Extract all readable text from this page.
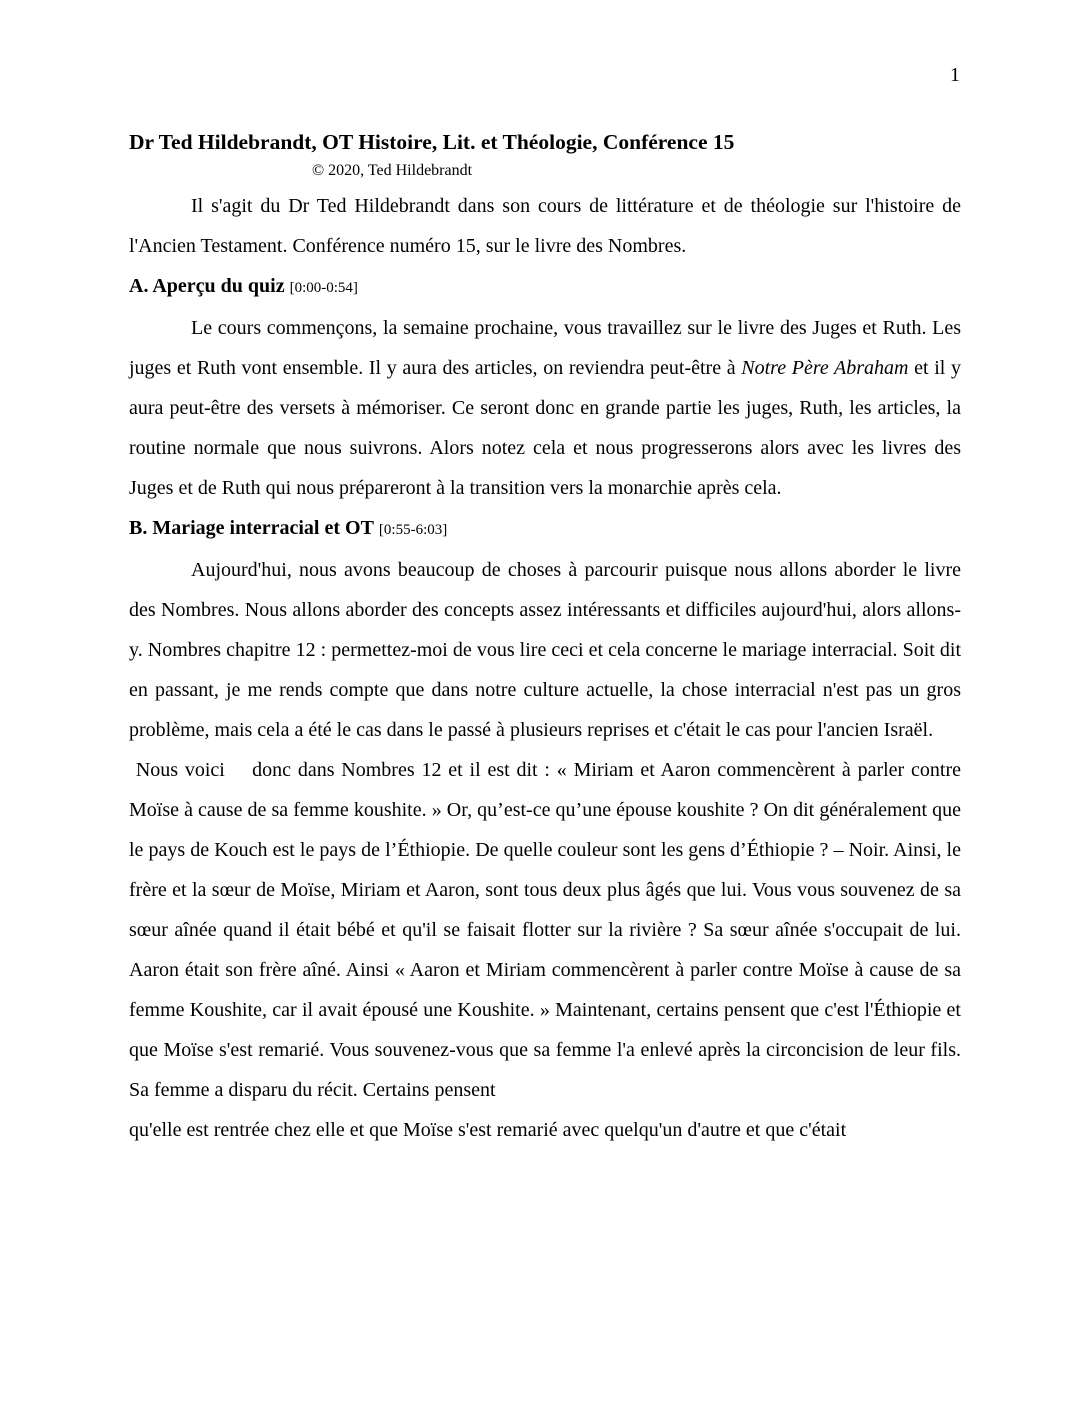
1

Dr Ted Hildebrandt, OT Histoire, Lit. et Théologie, Conférence 15

© 2020, Ted Hildebrandt

Il s'agit du Dr Ted Hildebrandt dans son cours de littérature et de théologie sur l'histoire de l'Ancien Testament. Conférence numéro 15, sur le livre des Nombres.

A. Aperçu du quiz [0:00-0:54]

Le cours commençons, la semaine prochaine, vous travaillez sur le livre des Juges et Ruth. Les juges et Ruth vont ensemble. Il y aura des articles, on reviendra peut-être à Notre Père Abraham et il y aura peut-être des versets à mémoriser. Ce seront donc en grande partie les juges, Ruth, les articles, la routine normale que nous suivrons. Alors notez cela et nous progresserons alors avec les livres des Juges et de Ruth qui nous prépareront à la transition vers la monarchie après cela.

B. Mariage interracial et OT [0:55-6:03]

Aujourd'hui, nous avons beaucoup de choses à parcourir puisque nous allons aborder le livre des Nombres. Nous allons aborder des concepts assez intéressants et difficiles aujourd'hui, alors allons-y. Nombres chapitre 12 : permettez-moi de vous lire ceci et cela concerne le mariage interracial. Soit dit en passant, je me rends compte que dans notre culture actuelle, la chose interracial n'est pas un gros problème, mais cela a été le cas dans le passé à plusieurs reprises et c'était le cas pour l'ancien Israël.

Nous voici    donc dans Nombres 12 et il est dit : « Miriam et Aaron commencèrent à parler contre Moïse à cause de sa femme koushite. » Or, qu’est-ce qu’une épouse koushite ? On dit généralement que le pays de Kouch est le pays de l’Éthiopie. De quelle couleur sont les gens d’Éthiopie ? – Noir. Ainsi, le frère et la sœur de Moïse, Miriam et Aaron, sont tous deux plus âgés que lui. Vous vous souvenez de sa sœur aînée quand il était bébé et qu'il se faisait flotter sur la rivière ? Sa sœur aînée s'occupait de lui. Aaron était son frère aîné. Ainsi « Aaron et Miriam commencèrent à parler contre Moïse à cause de sa femme Koushite, car il avait épousé une Koushite. » Maintenant, certains pensent que c'est l'Éthiopie et que Moïse s'est remarié. Vous souvenez-vous que sa femme l'a enlevé après la circoncision de leur fils. Sa femme a disparu du récit. Certains pensent

qu'elle est rentrée chez elle et que Moïse s'est remarié avec quelqu'un d'autre et que c'était
